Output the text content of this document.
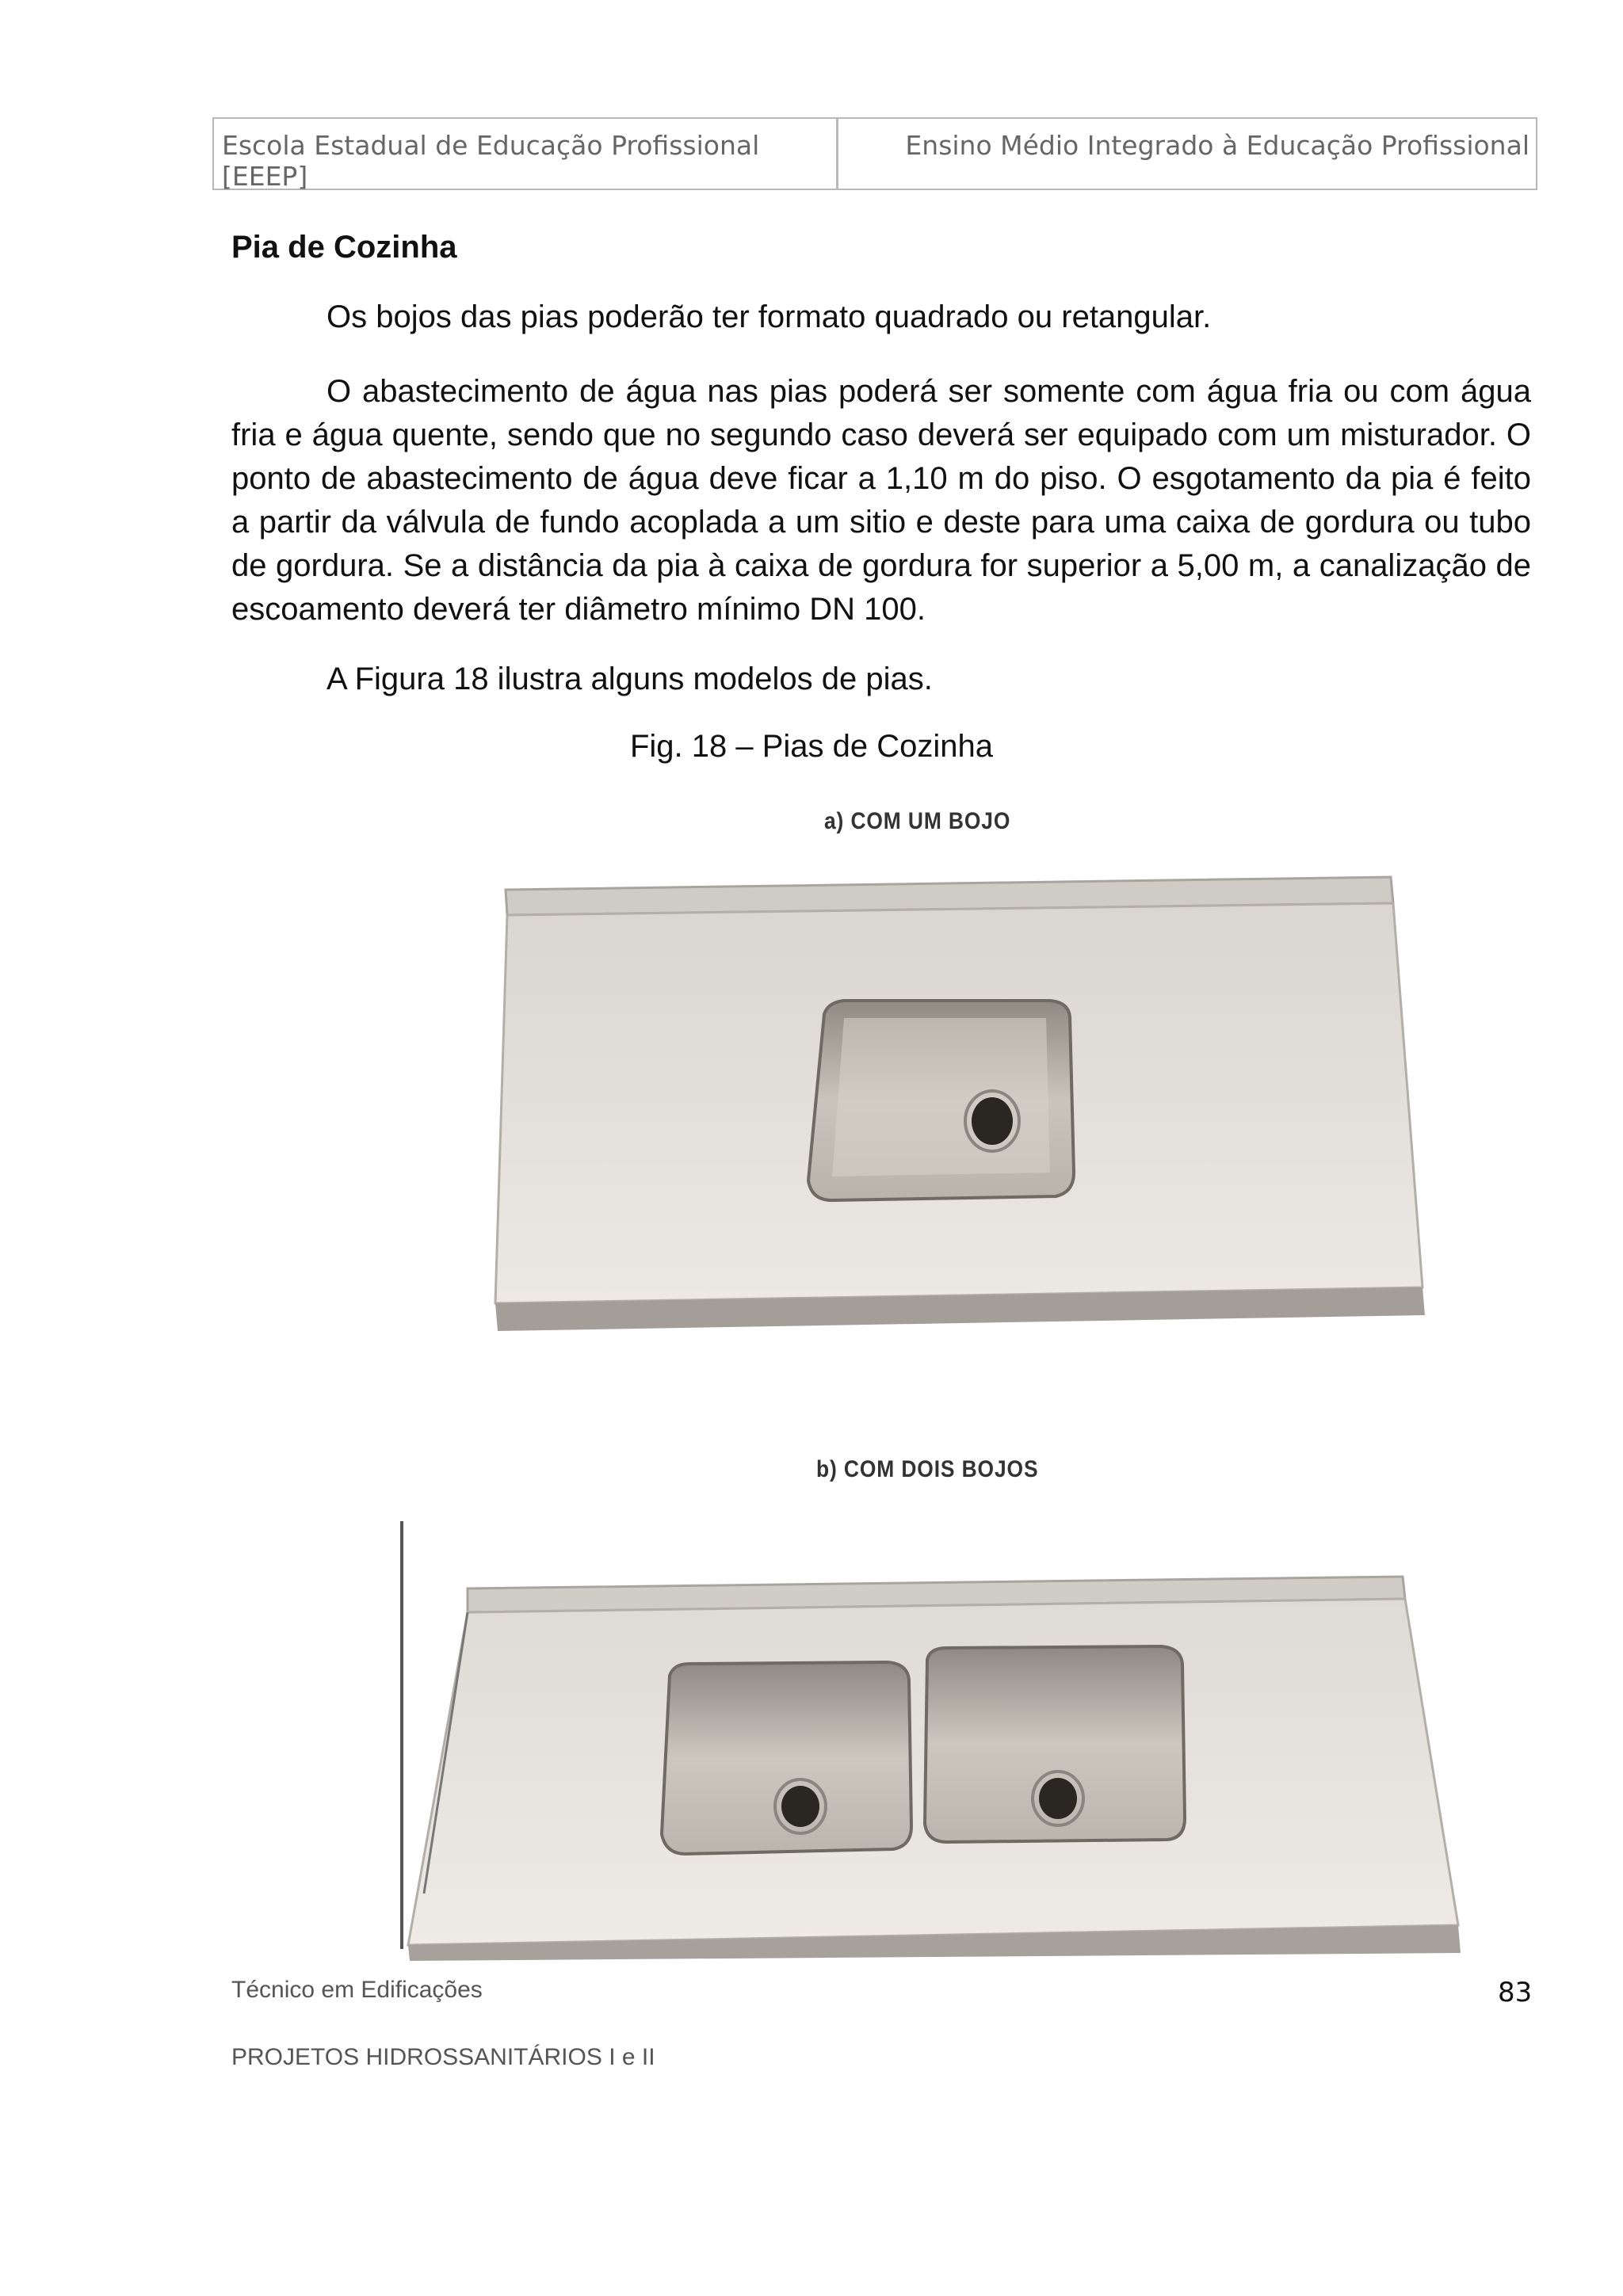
Escola Estadual de Educação Profissional [EEEP]
Ensino Médio Integrado à Educação Profissional
Pia de Cozinha

Os bojos das pias poderão ter formato quadrado ou retangular.

O abastecimento de água nas pias poderá ser somente com água fria ou com água fria e água quente, sendo que no segundo caso deverá ser equipado com um misturador. O ponto de abastecimento de água deve ficar a 1,10 m do piso. O esgotamento da pia é feito a partir da válvula de fundo acoplada a um sitio e deste para uma caixa de gordura ou tubo de gordura. Se a distância da pia à caixa de gordura for superior a 5,00 m, a canalização de escoamento deverá ter diâmetro mínimo DN 100.

A Figura 18 ilustra alguns modelos de pias.

Fig. 18 – Pias de Cozinha
a) COM UM BOJO
b) COM DOIS BOJOS
Técnico em Edificações	83
PROJETOS HIDROSSANITÁRIOS I e II
